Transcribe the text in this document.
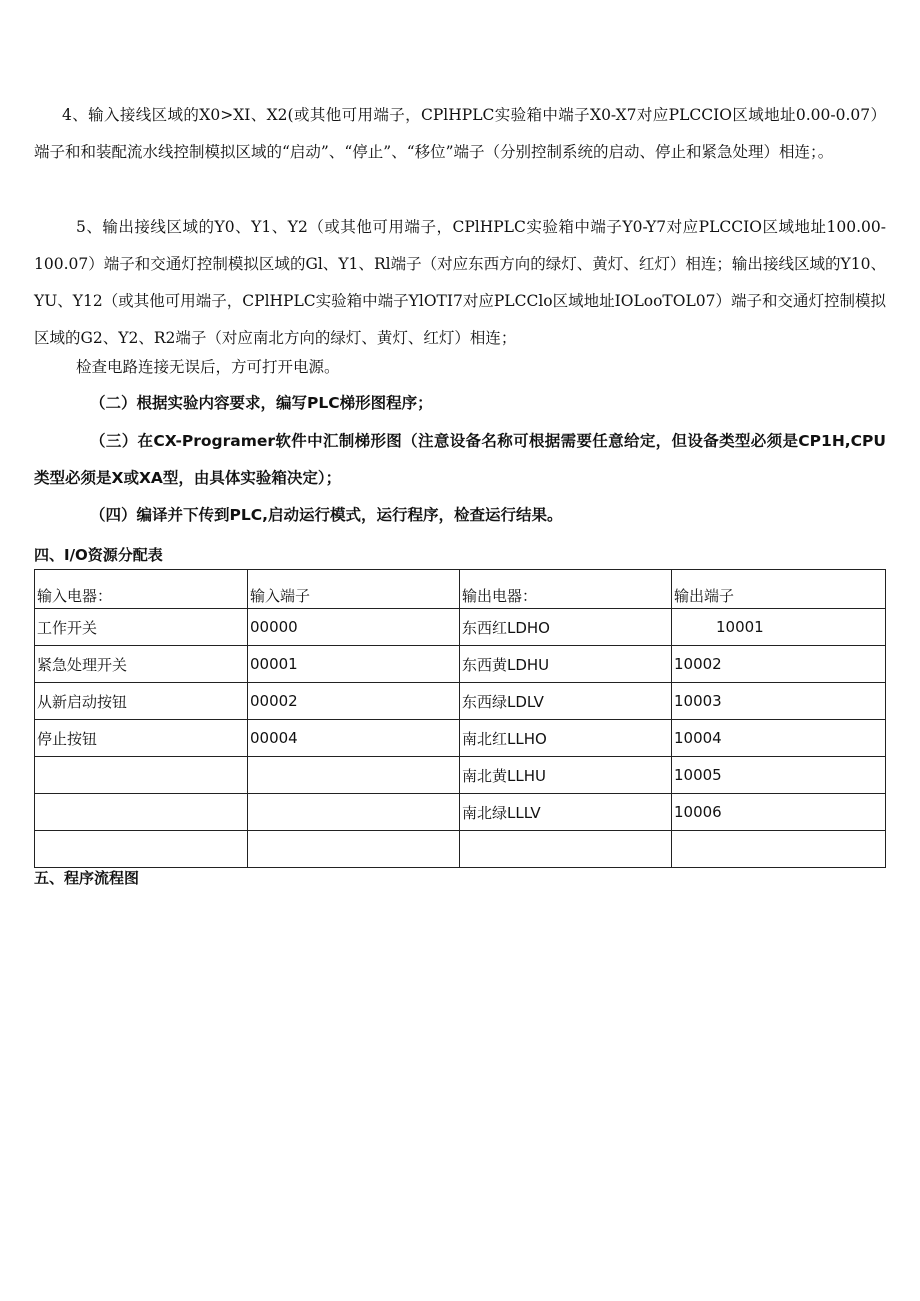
4、输入接线区域的X0>XI、X2(或其他可用端子，CPlHPLC实验箱中端子X0-X7对应PLCCIO区域地址0.00-0.07）端子和和装配流水线控制模拟区域的“启动”、“停止”、“移位”端子（分别控制系统的启动、停止和紧急处理）相连；。

5、输出接线区域的Y0、Y1、Y2（或其他可用端子，CPlHPLC实验箱中端子Y0-Y7对应PLCCIO区域地址100.00-100.07）端子和交通灯控制模拟区域的Gl、Y1、Rl端子（对应东西方向的绿灯、黄灯、红灯）相连；输出接线区域的Y10、YU、Y12（或其他可用端子，CPlHPLC实验箱中端子YlOTI7对应PLCClo区域地址IOLooTOL07）端子和交通灯控制模拟区域的G2、Y2、R2端子（对应南北方向的绿灯、黄灯、红灯）相连；

检查电路连接无误后，方可打开电源。

（二）根据实验内容要求，编写PLC梯形图程序；

（三）在CX-Programer软件中汇制梯形图（注意设备名称可根据需要任意给定，但设备类型必须是CP1H,CPU类型必须是X或XA型，由具体实验箱决定）；

（四）编译并下传到PLC,启动运行模式，运行程序，检查运行结果。

四、I/O资源分配表

输入电器：	输入端子	输出电器：	输出端子
工作开关	00000	东西红LDHO	10001
紧急处理开关	00001	东西黄LDHU	10002
从新启动按钮	00002	东西绿LDLV	10003
停止按钮	00004	南北红LLHO	10004
		南北黄LLHU	10005
		南北绿LLLV	10006

五、程序流程图
